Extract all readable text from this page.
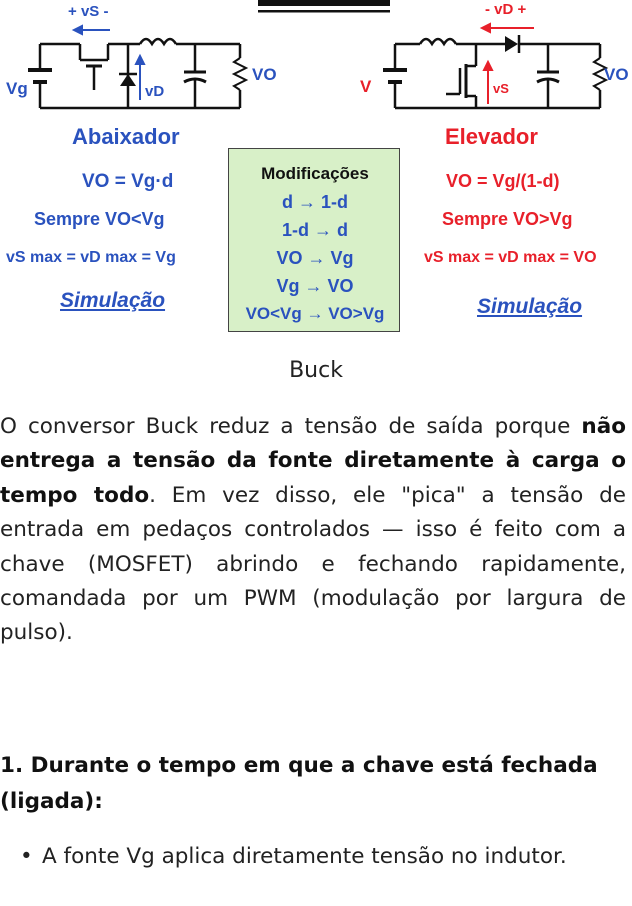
+ vS -
Vg	vD
VO
- vD +
V	vS
VO
Abaixador
VO = Vg·d
Sempre VO<Vg
vS max = vD max = Vg
Simulação
Modificações
d → 1-d
1-d → d
VO → Vg
Vg → VO
VO<Vg → VO>Vg
Elevador
VO = Vg/(1-d)
Sempre VO>Vg
vS max = vD max = VO
Simulação
Buck
O conversor Buck reduz a tensão de saída porque não entrega a tensão da fonte diretamente à carga o tempo todo. Em vez disso, ele "pica" a tensão de entrada em pedaços controlados — isso é feito com a chave (MOSFET) abrindo e fechando rapidamente, comandada por um PWM (modulação por largura de pulso).
1. Durante o tempo em que a chave está fechada (ligada):
• A fonte Vg aplica diretamente tensão no indutor.
